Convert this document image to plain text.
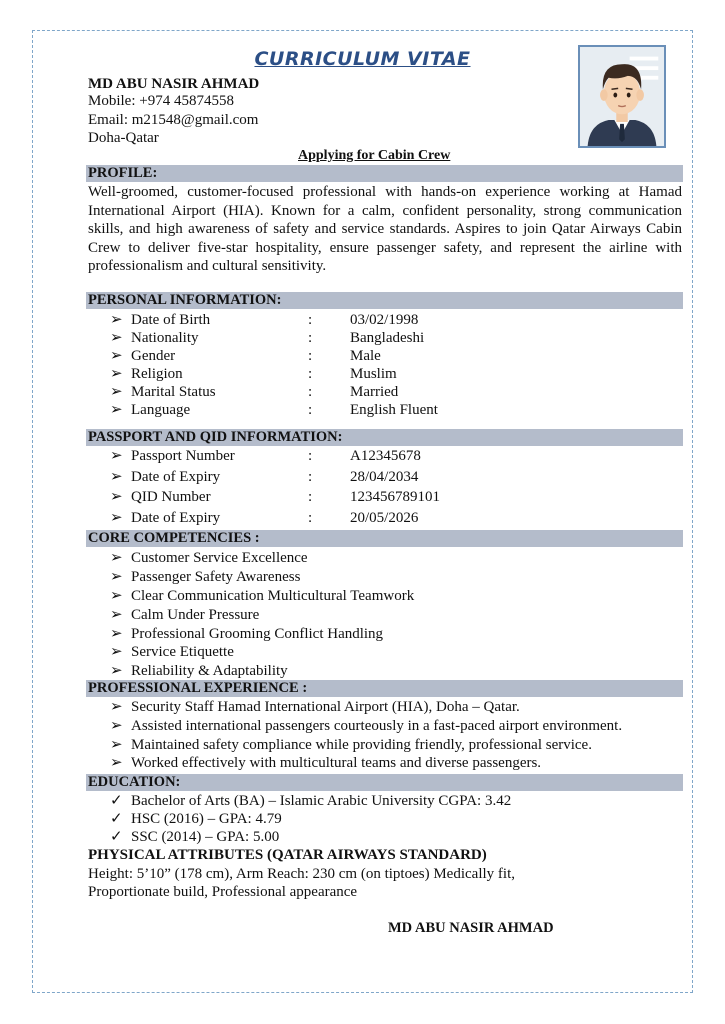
CURRICULUM VITAE
MD ABU NASIR AHMAD
Mobile: +974 45874558
Email: m21548@gmail.com
Doha-Qatar
Applying for Cabin Crew
PROFILE:
Well-groomed, customer-focused professional with hands-on experience working at Hamad International Airport (HIA). Known for a calm, confident personality, strong communication skills, and high awareness of safety and service standards. Aspires to join Qatar Airways Cabin Crew to deliver five-star hospitality, ensure passenger safety, and represent the airline with professionalism and cultural sensitivity.
PERSONAL INFORMATION:
➢ Date of Birth	:	03/02/1998
➢ Nationality	:	Bangladeshi
➢ Gender	:	Male
➢ Religion	:	Muslim
➢ Marital Status	:	Married
➢ Language	:	English Fluent
PASSPORT AND QID INFORMATION:
➢ Passport Number	:	A12345678
➢ Date of Expiry	:	28/04/2034
➢ QID Number	:	123456789101
➢ Date of Expiry	:	20/05/2026
CORE COMPETENCIES :
➢ Customer Service Excellence
➢ Passenger Safety Awareness
➢ Clear Communication Multicultural Teamwork
➢ Calm Under Pressure
➢ Professional Grooming Conflict Handling
➢ Service Etiquette
➢ Reliability & Adaptability
PROFESSIONAL EXPERIENCE :
➢ Security Staff Hamad International Airport (HIA), Doha – Qatar.
➢ Assisted international passengers courteously in a fast-paced airport environment.
➢ Maintained safety compliance while providing friendly, professional service.
➢ Worked effectively with multicultural teams and diverse passengers.
EDUCATION:
✓ Bachelor of Arts (BA) – Islamic Arabic University CGPA: 3.42
✓ HSC (2016) – GPA: 4.79
✓ SSC (2014) – GPA: 5.00
PHYSICAL ATTRIBUTES (QATAR AIRWAYS STANDARD)
Height: 5’10” (178 cm), Arm Reach: 230 cm (on tiptoes) Medically fit,
Proportionate build, Professional appearance
MD ABU NASIR AHMAD
